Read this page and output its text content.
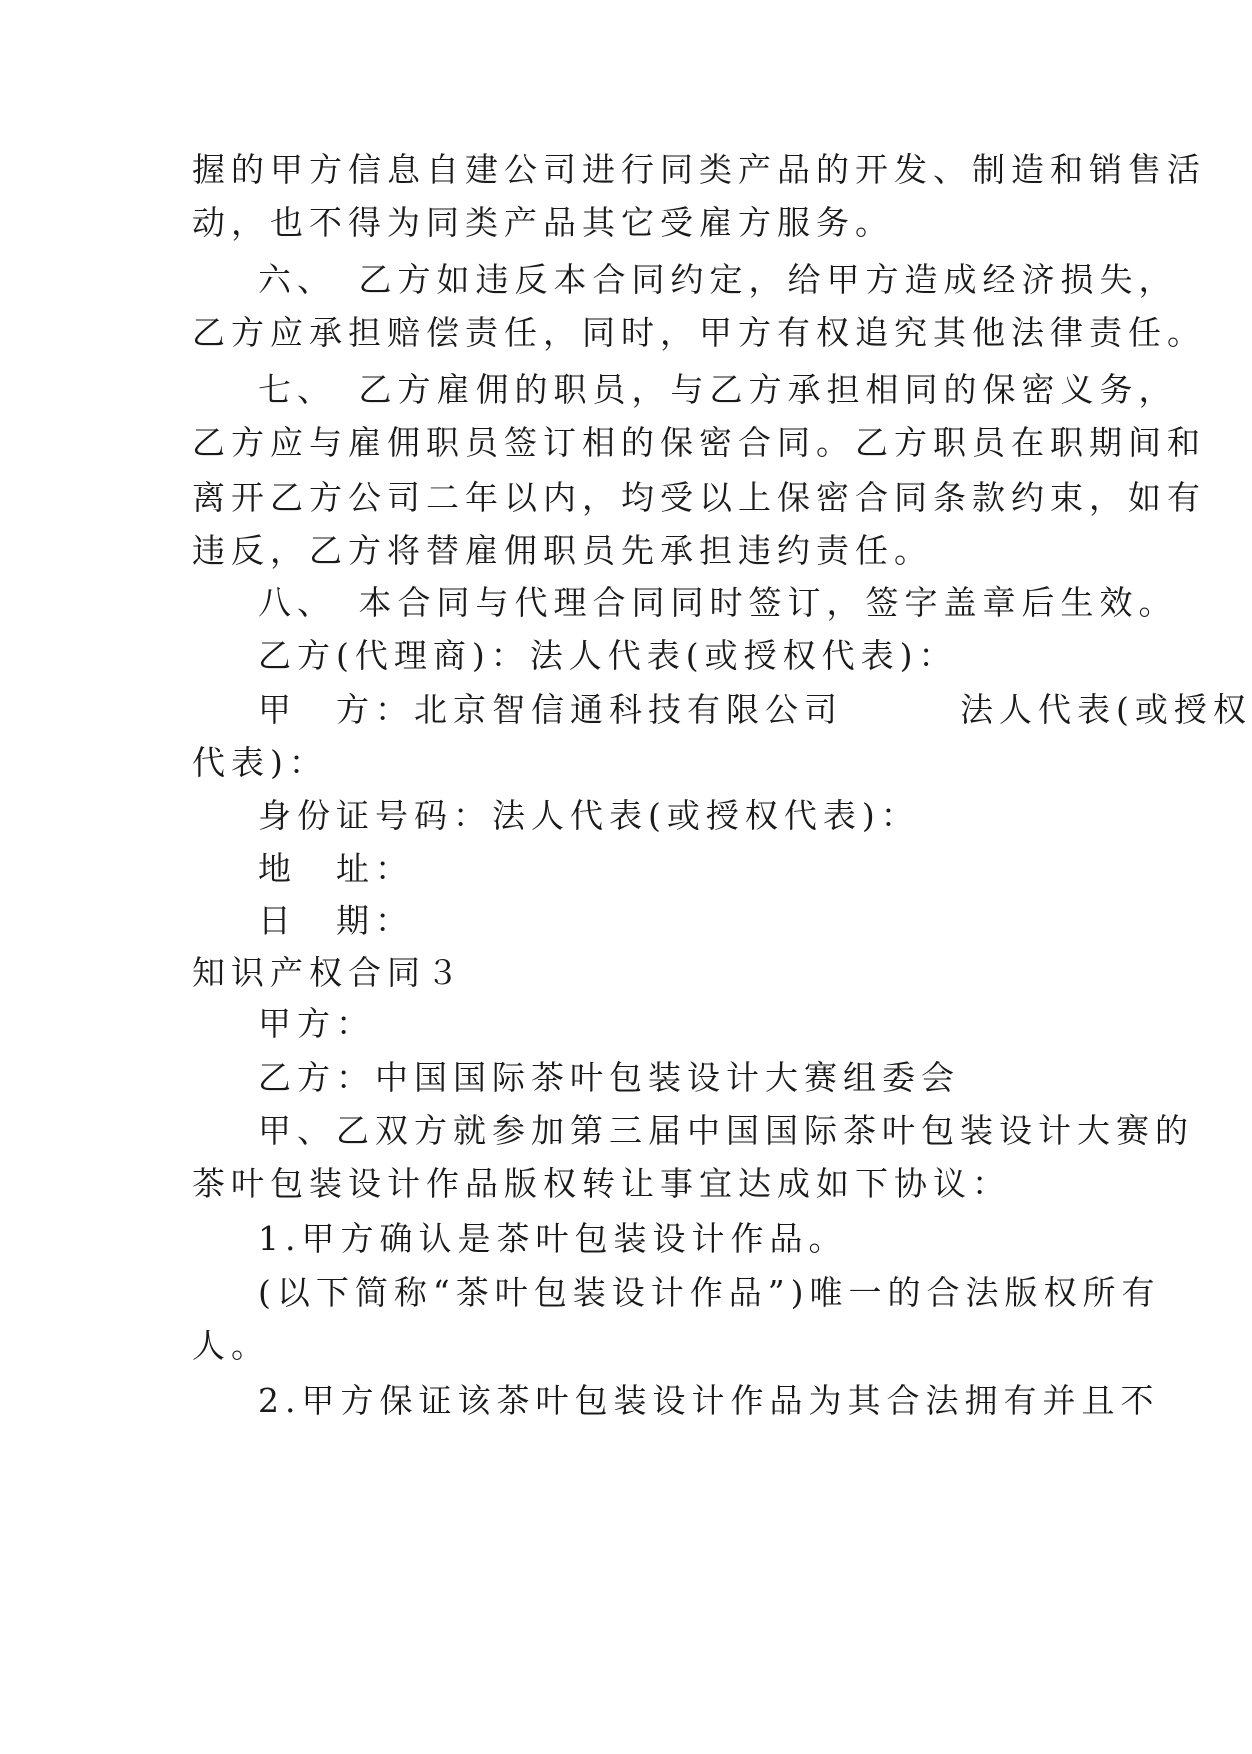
握的甲方信息自建公司进行同类产品的开发、制造和销售活
动，也不得为同类产品其它受雇方服务。
六、　乙方如违反本合同约定，给甲方造成经济损失，
乙方应承担赔偿责任，同时，甲方有权追究其他法律责任。
七、　乙方雇佣的职员，与乙方承担相同的保密义务，
乙方应与雇佣职员签订相的保密合同。乙方职员在职期间和
离开乙方公司二年以内，均受以上保密合同条款约束，如有
违反，乙方将替雇佣职员先承担违约责任。
八、　本合同与代理合同同时签订，签字盖章后生效。
乙方(代理商)：法人代表(或授权代表)：
甲　方：北京智信通科技有限公司　　　法人代表(或授权
代表)：
身份证号码：法人代表(或授权代表)：
地　址：
日　期：
知识产权合同３
甲方：
乙方：中国国际茶叶包装设计大赛组委会
甲、乙双方就参加第三届中国国际茶叶包装设计大赛的
茶叶包装设计作品版权转让事宜达成如下协议：
1.甲方确认是茶叶包装设计作品。
(以下简称“茶叶包装设计作品”)唯一的合法版权所有
人。
2.甲方保证该茶叶包装设计作品为其合法拥有并且不
